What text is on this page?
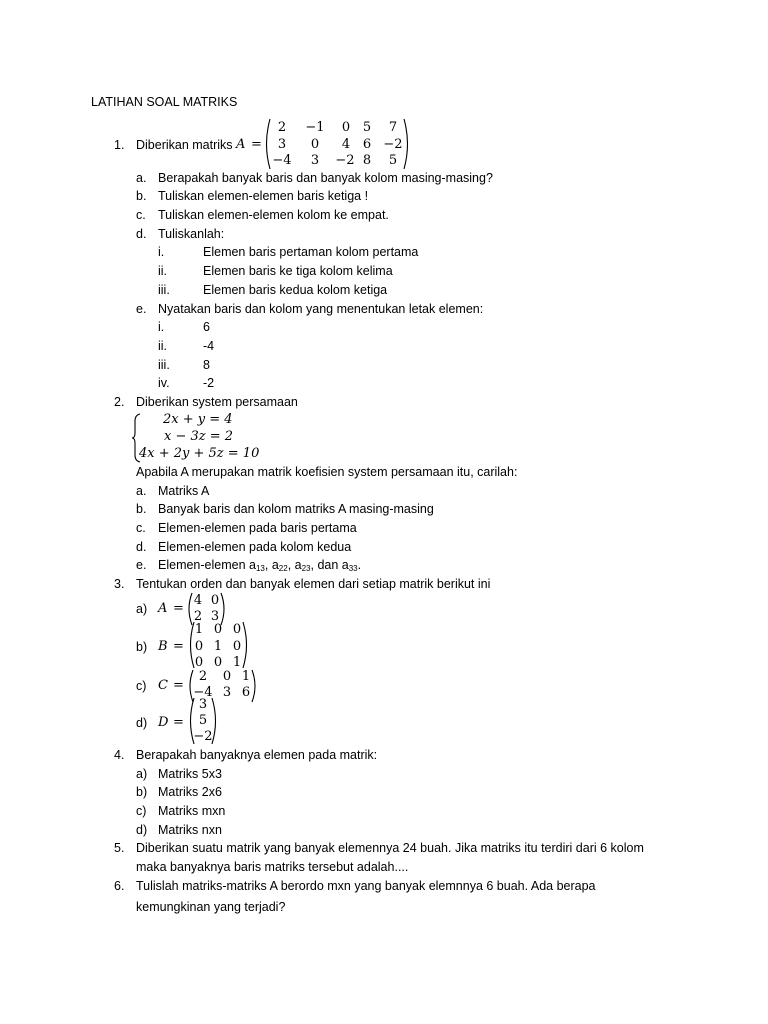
LATIHAN SOAL MATRIKS
1. Diberikan matriks A =
2	−1	0 5	7
3	0	4 6 −2
−4	3	−2 8	5
a. Berapakah banyak baris dan banyak kolom masing-masing?
b. Tuliskan elemen-elemen baris ketiga !
c. Tuliskan elemen-elemen kolom ke empat.
d. Tuliskanlah:
i.	Elemen baris pertaman kolom pertama
ii.	Elemen baris ke tiga kolom kelima
iii.	Elemen baris kedua kolom ketiga
e. Nyatakan baris dan kolom yang menentukan letak elemen:
i.	6
ii.	-4
iii.	8
iv.	-2
2. Diberikan system persamaan
2x + y = 4
x − 3z = 2
4x + 2y + 5z = 10
Apabila A merupakan matrik koefisien system persamaan itu, carilah:
a. Matriks A
b. Banyak baris dan kolom matriks A masing-masing
c. Elemen-elemen pada baris pertama
d. Elemen-elemen pada kolom kedua
e. Elemen-elemen $a_{13}$, $a_{22}$, $a_{23}$, dan $a_{33}$.
3. Tentukan orden dan banyak elemen dari setiap matrik berikut ini
a) A =
4 0
2 3
b) B =
1 0 0
0 1 0
0 0 1
c) C =
2	0 1
−4 3 6
d) D =
3
5
−2
4. Berapakah banyaknya elemen pada matrik:
a) Matriks 5x3
b) Matriks 2x6
c) Matriks mxn
d) Matriks nxn
5. Diberikan suatu matrik yang banyak elemennya 24 buah. Jika matriks itu terdiri dari 6 kolom
maka banyaknya baris matriks tersebut adalah....
6. Tulislah matriks-matriks A berordo mxn yang banyak elemnnya 6 buah. Ada berapa
kemungkinan yang terjadi?
